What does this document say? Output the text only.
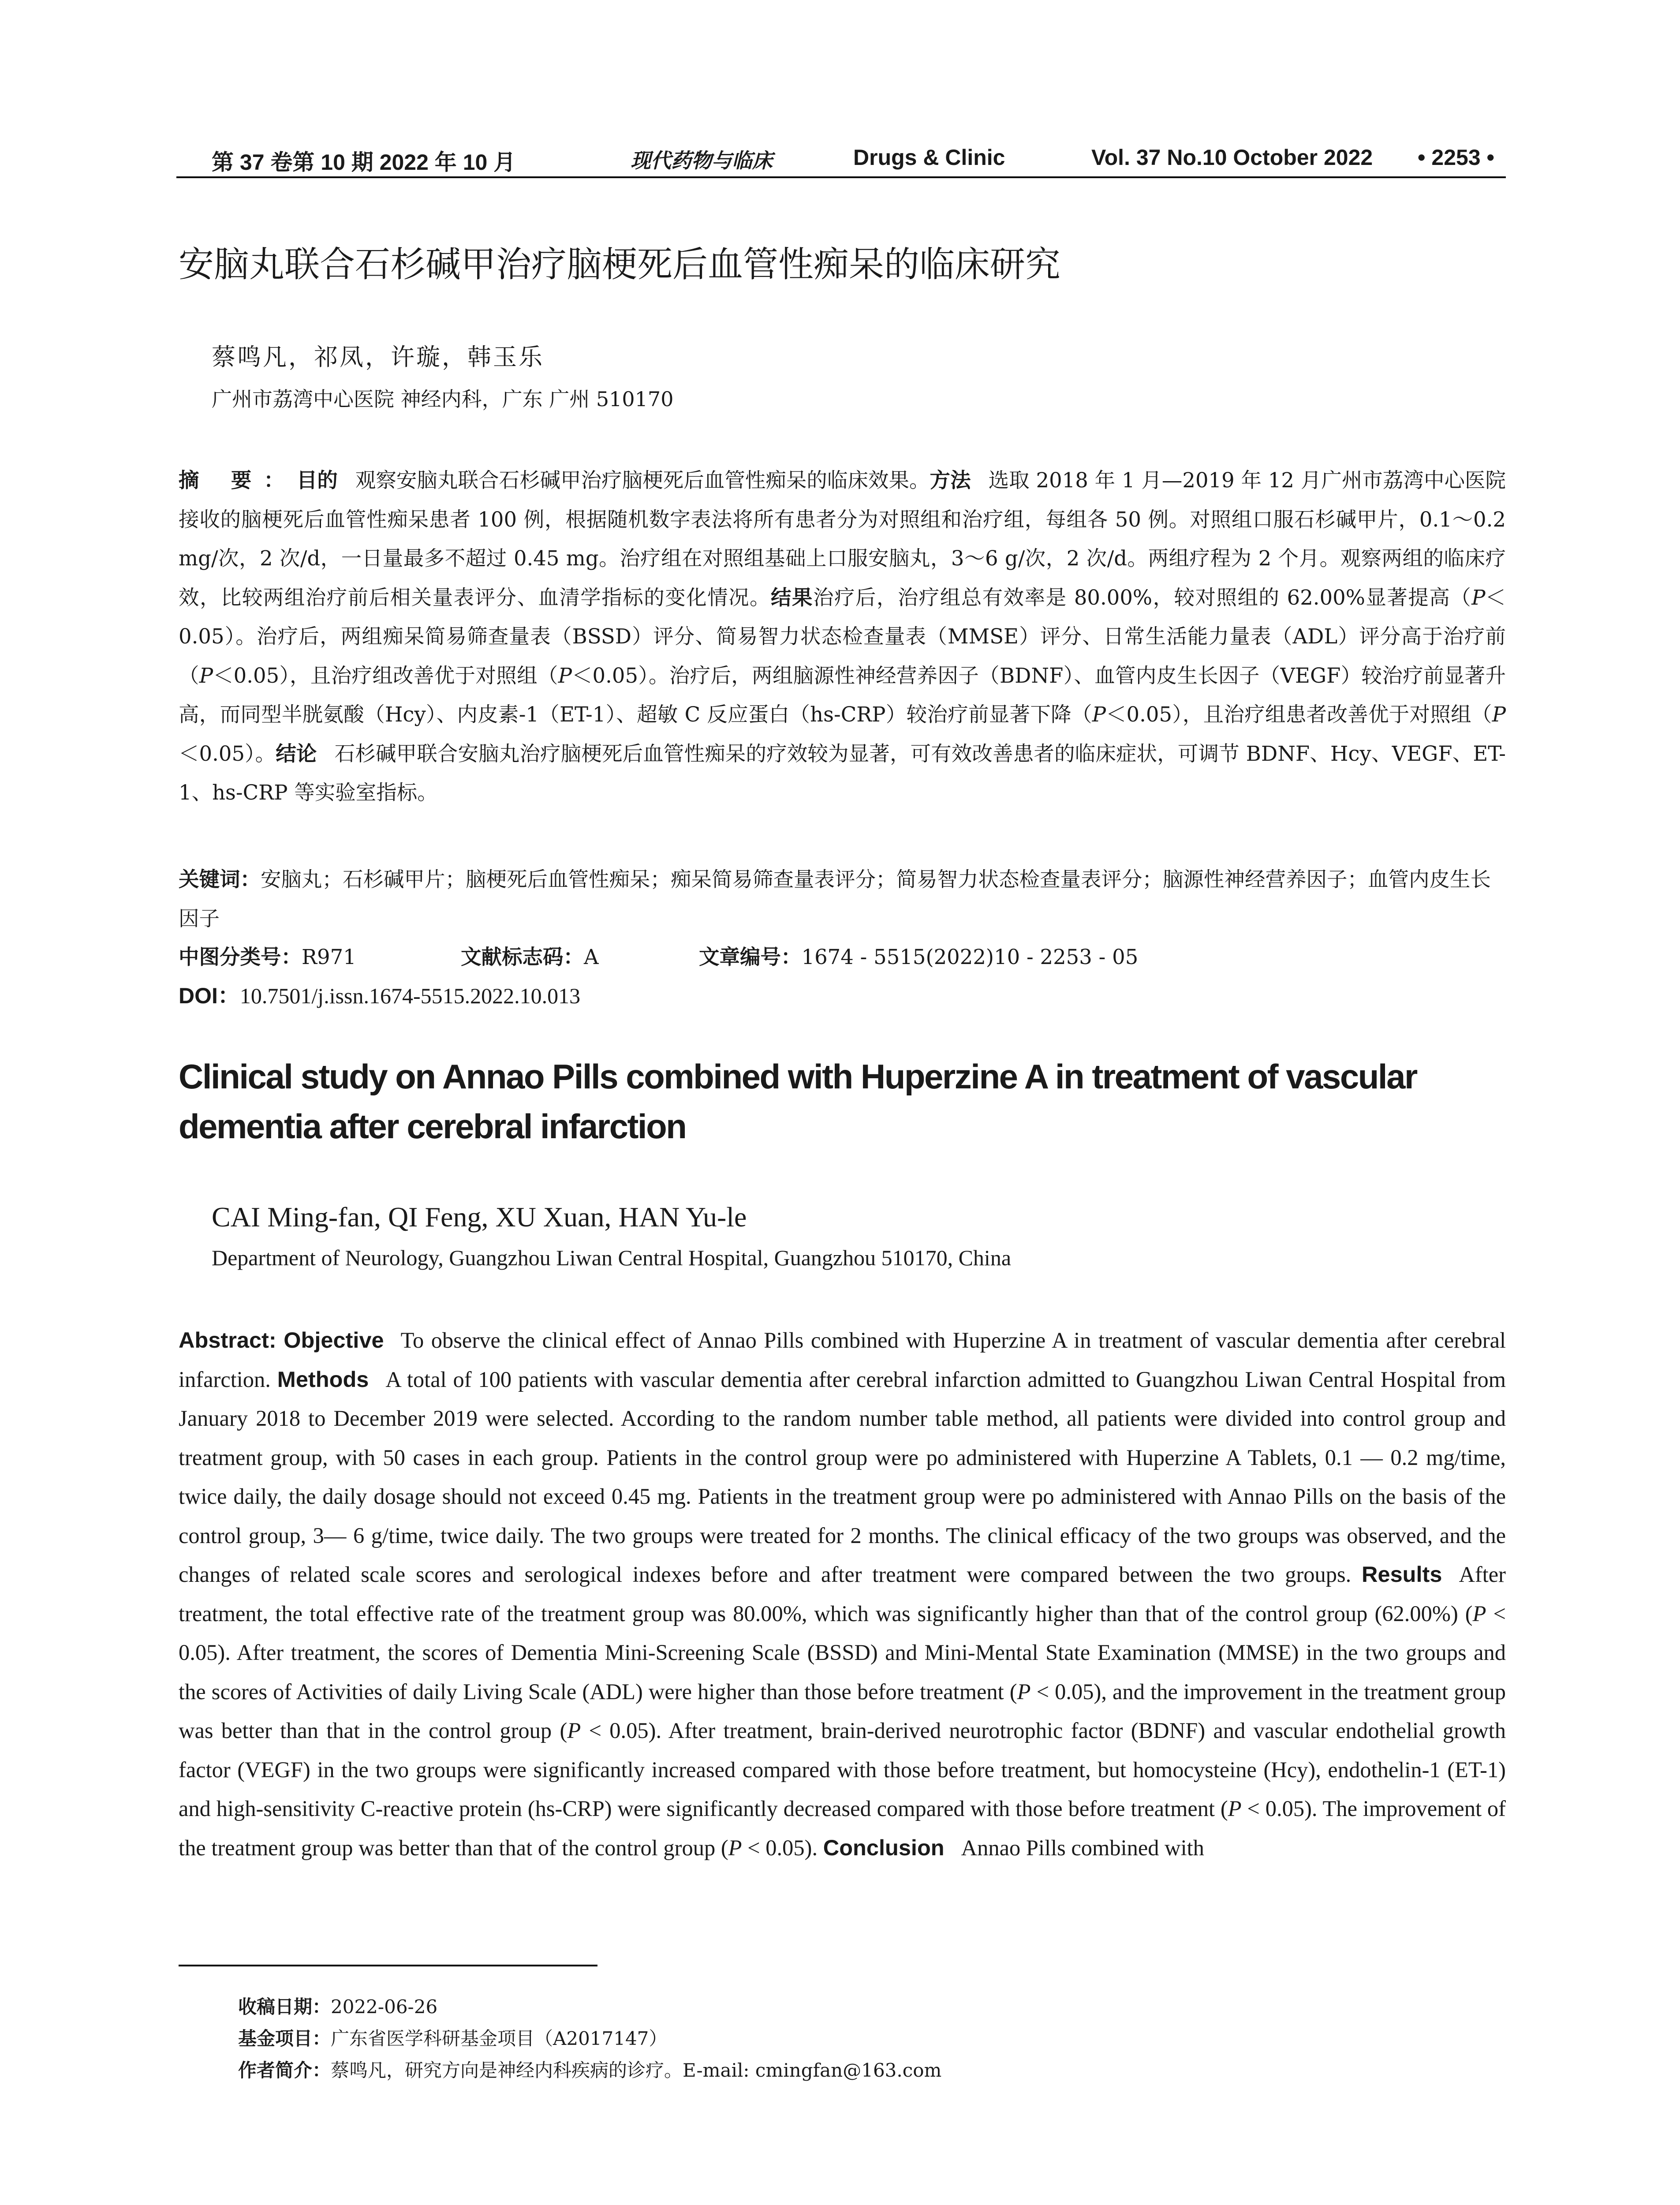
第 37 卷第 10 期 2022 年 10 月	现代药物与临床	Drugs & Clinic	Vol. 37 No.10 October 2022 • 2253 •
安脑丸联合石杉碱甲治疗脑梗死后血管性痴呆的临床研究
蔡鸣凡，祁凤，许璇，韩玉乐
广州市荔湾中心医院 神经内科，广东 广州 510170
摘 要：目的 观察安脑丸联合石杉碱甲治疗脑梗死后血管性痴呆的临床效果。方法 选取 2018 年 1 月—2019 年 12 月广州市荔湾中心医院接收的脑梗死后血管性痴呆患者 100 例，根据随机数字表法将所有患者分为对照组和治疗组，每组各 50 例。对照组口服石杉碱甲片，0.1～0.2 mg/次，2 次/d，一日量最多不超过 0.45 mg。治疗组在对照组基础上口服安脑丸，3～6 g/次，2 次/d。两组疗程为 2 个月。观察两组的临床疗效，比较两组治疗前后相关量表评分、血清学指标的变化情况。结果治疗后，治疗组总有效率是 80.00%，较对照组的 62.00%显著提高（P＜0.05）。治疗后，两组痴呆简易筛查量表（BSSD）评分、简易智力状态检查量表（MMSE）评分、日常生活能力量表（ADL）评分高于治疗前（P＜0.05），且治疗组改善优于对照组（P＜0.05）。治疗后，两组脑源性神经营养因子（BDNF）、血管内皮生长因子（VEGF）较治疗前显著升高，而同型半胱氨酸（Hcy）、内皮素-1（ET-1）、超敏 C 反应蛋白（hs-CRP）较治疗前显著下降（P＜0.05），且治疗组患者改善优于对照组（P＜0.05）。结论 石杉碱甲联合安脑丸治疗脑梗死后血管性痴呆的疗效较为显著，可有效改善患者的临床症状，可调节 BDNF、Hcy、VEGF、ET-1、hs-CRP 等实验室指标。
关键词：安脑丸；石杉碱甲片；脑梗死后血管性痴呆；痴呆简易筛查量表评分；简易智力状态检查量表评分；脑源性神经营养因子；血管内皮生长因子
中图分类号：R971	文献标志码：A	文章编号：1674 - 5515(2022)10 - 2253 - 05
DOI：10.7501/j.issn.1674-5515.2022.10.013
Clinical study on Annao Pills combined with Huperzine A in treatment of vascular dementia after cerebral infarction
CAI Ming-fan, QI Feng, XU Xuan, HAN Yu-le
Department of Neurology, Guangzhou Liwan Central Hospital, Guangzhou 510170, China
Abstract: Objective To observe the clinical effect of Annao Pills combined with Huperzine A in treatment of vascular dementia after cerebral infarction. Methods A total of 100 patients with vascular dementia after cerebral infarction admitted to Guangzhou Liwan Central Hospital from January 2018 to December 2019 were selected. According to the random number table method, all patients were divided into control group and treatment group, with 50 cases in each group. Patients in the control group were po administered with Huperzine A Tablets, 0.1 — 0.2 mg/time, twice daily, the daily dosage should not exceed 0.45 mg. Patients in the treatment group were po administered with Annao Pills on the basis of the control group, 3— 6 g/time, twice daily. The two groups were treated for 2 months. The clinical efficacy of the two groups was observed, and the changes of related scale scores and serological indexes before and after treatment were compared between the two groups. Results After treatment, the total effective rate of the treatment group was 80.00%, which was significantly higher than that of the control group (62.00%) (P < 0.05). After treatment, the scores of Dementia Mini-Screening Scale (BSSD) and Mini-Mental State Examination (MMSE) in the two groups and the scores of Activities of daily Living Scale (ADL) were higher than those before treatment (P < 0.05), and the improvement in the treatment group was better than that in the control group (P < 0.05). After treatment, brain-derived neurotrophic factor (BDNF) and vascular endothelial growth factor (VEGF) in the two groups were significantly increased compared with those before treatment, but homocysteine (Hcy), endothelin-1 (ET-1) and high-sensitivity C-reactive protein (hs-CRP) were significantly decreased compared with those before treatment (P < 0.05). The improvement of the treatment group was better than that of the control group (P < 0.05). Conclusion Annao Pills combined with
收稿日期：2022-06-26
基金项目：广东省医学科研基金项目（A2017147）
作者简介：蔡鸣凡，研究方向是神经内科疾病的诊疗。E-mail: cmingfan@163.com
